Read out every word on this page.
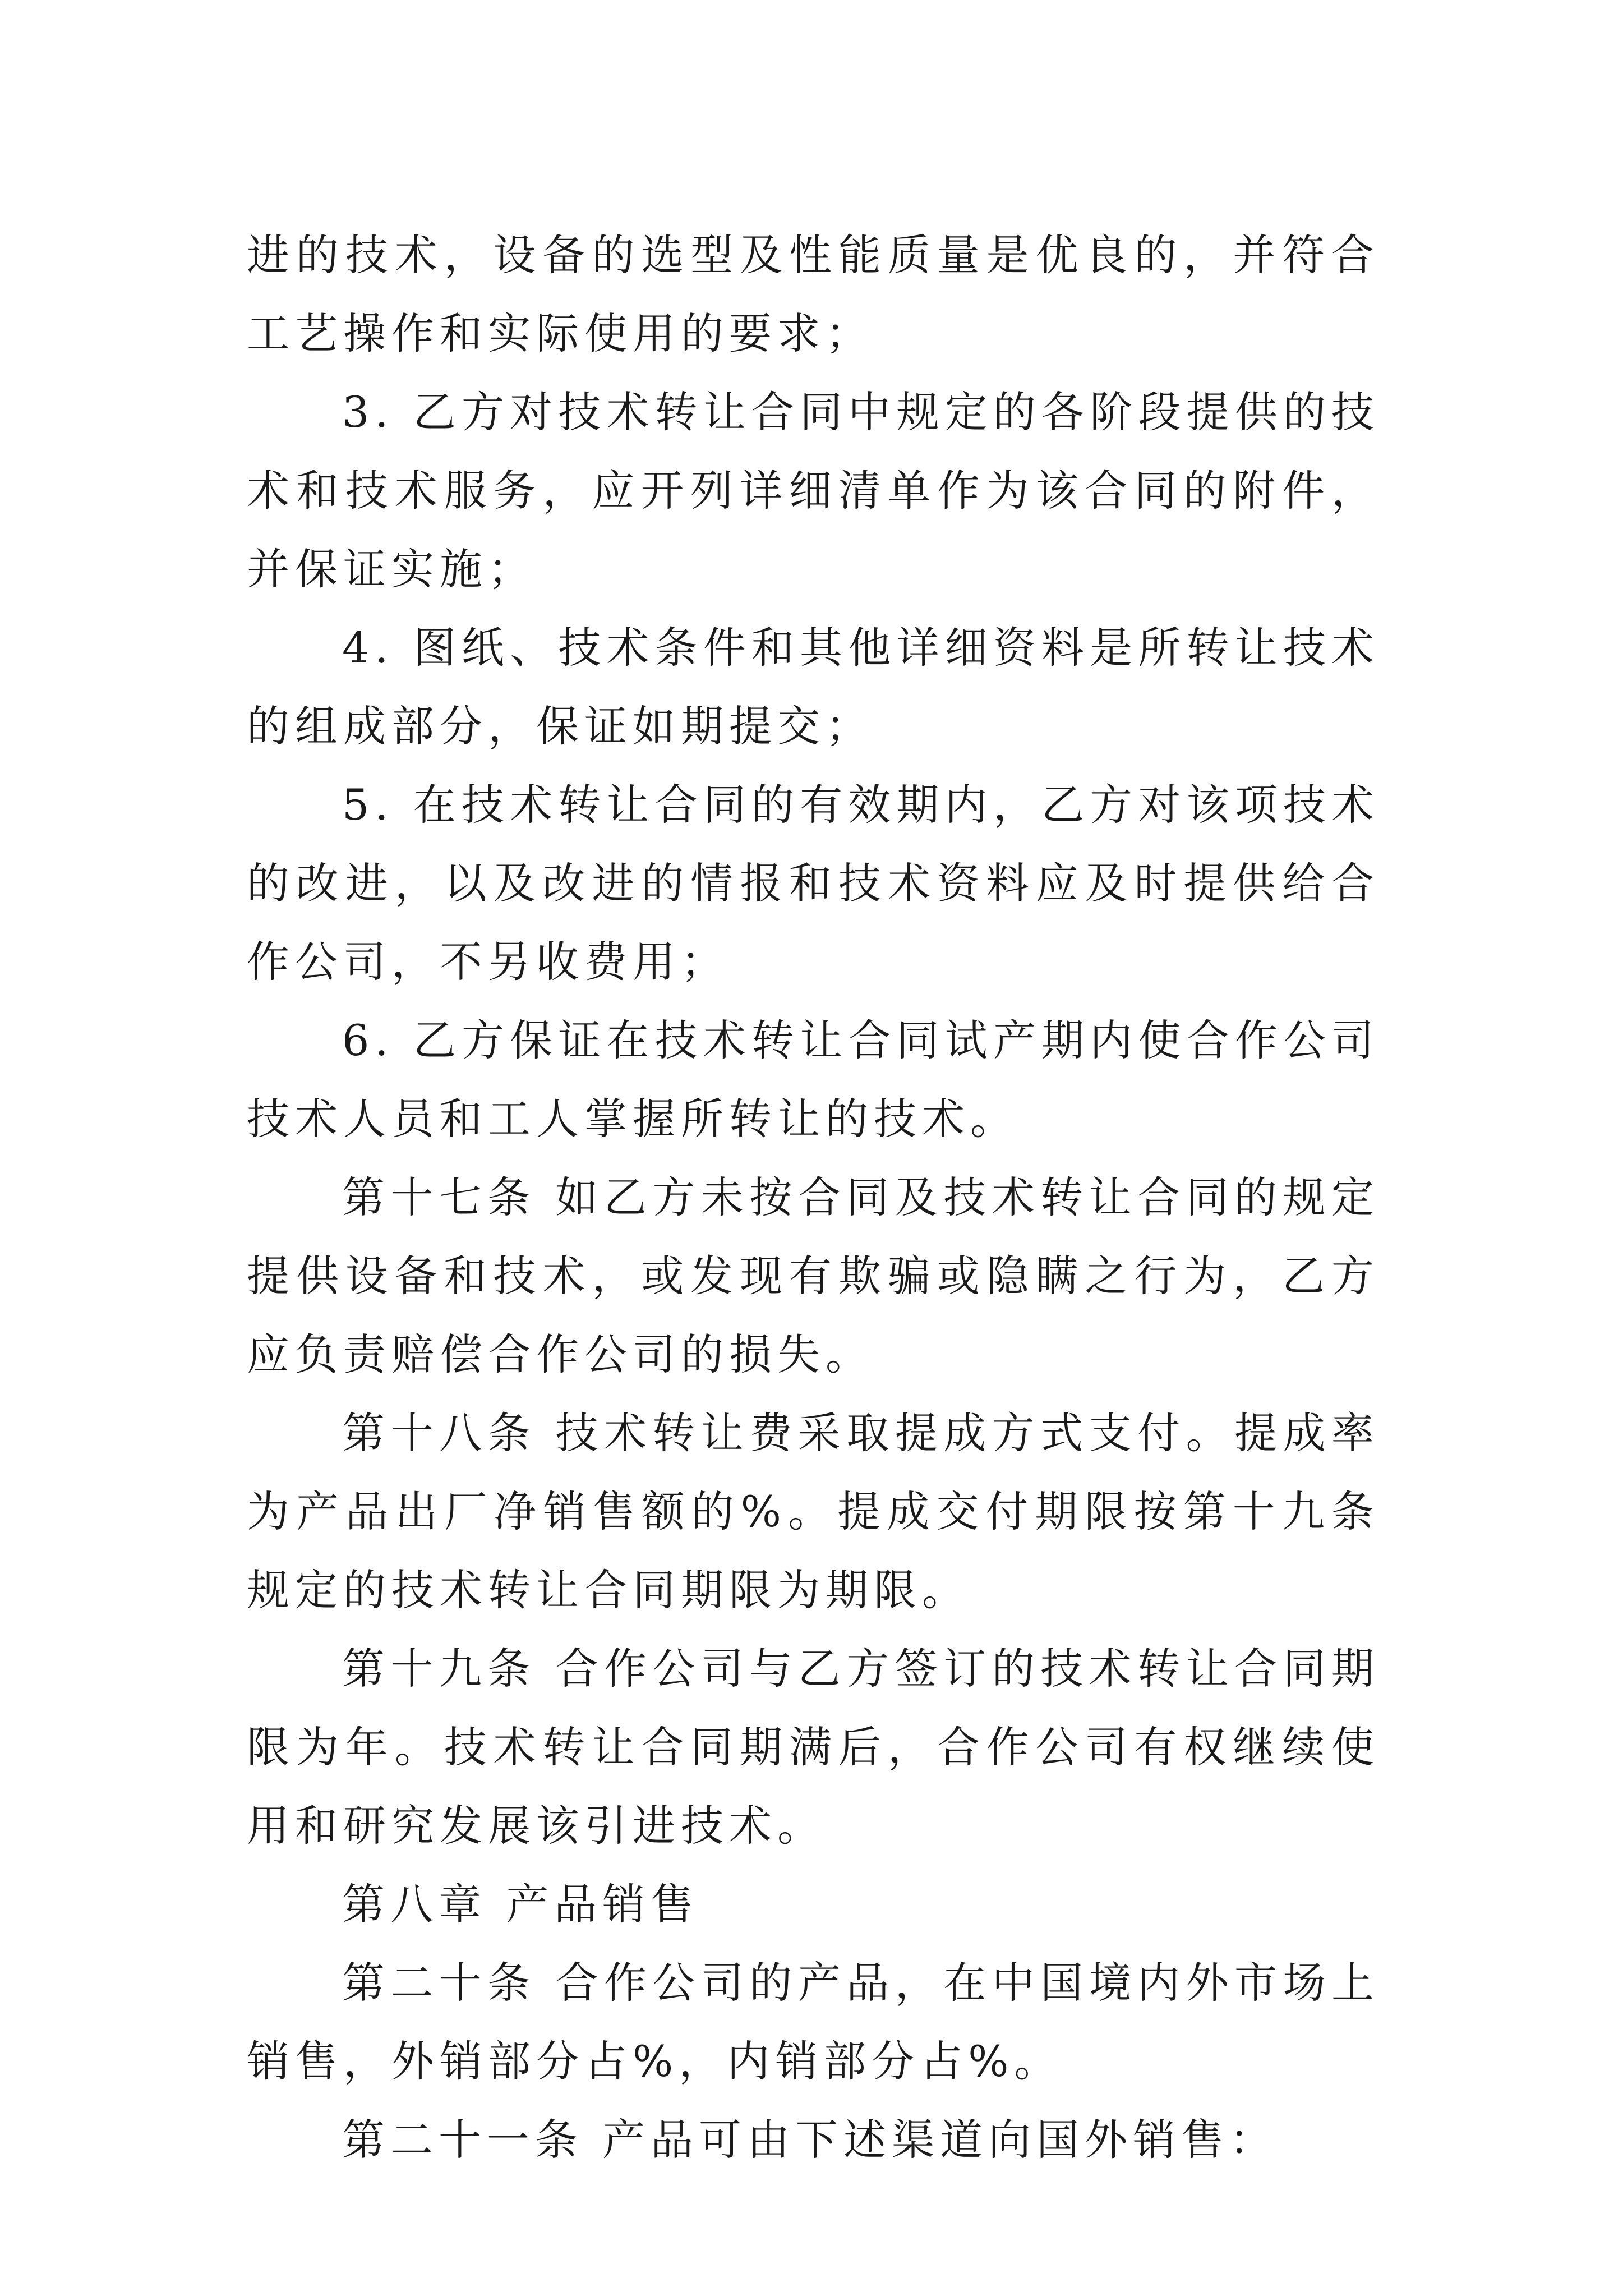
进的技术，设备的选型及性能质量是优良的，并符合工艺操作和实际使用的要求；

3. 乙方对技术转让合同中规定的各阶段提供的技术和技术服务，应开列详细清单作为该合同的附件，并保证实施；

4. 图纸、技术条件和其他详细资料是所转让技术的组成部分，保证如期提交；

5. 在技术转让合同的有效期内，乙方对该项技术的改进，以及改进的情报和技术资料应及时提供给合作公司，不另收费用；

6. 乙方保证在技术转让合同试产期内使合作公司技术人员和工人掌握所转让的技术。

第十七条 如乙方未按合同及技术转让合同的规定提供设备和技术，或发现有欺骗或隐瞒之行为，乙方应负责赔偿合作公司的损失。

第十八条 技术转让费采取提成方式支付。提成率为产品出厂净销售额的%。提成交付期限按第十九条规定的技术转让合同期限为期限。

第十九条 合作公司与乙方签订的技术转让合同期限为年。技术转让合同期满后，合作公司有权继续使用和研究发展该引进技术。

第八章 产品销售

第二十条 合作公司的产品，在中国境内外市场上销售，外销部分占%，内销部分占%。

第二十一条 产品可由下述渠道向国外销售：
